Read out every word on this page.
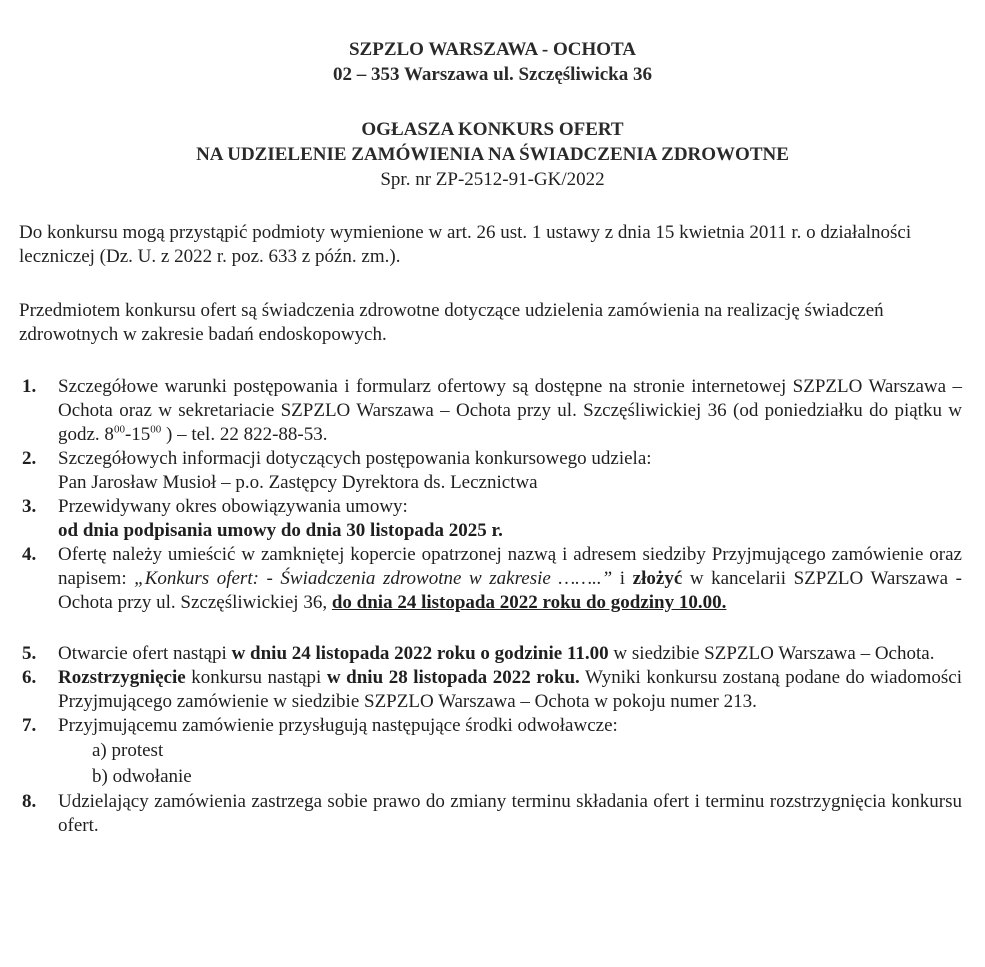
SZPZLO WARSZAWA - OCHOTA
02 – 353 Warszawa ul. Szczęśliwicka 36
OGŁASZA KONKURS OFERT
NA UDZIELENIE ZAMÓWIENIA NA ŚWIADCZENIA ZDROWOTNE
Spr. nr ZP-2512-91-GK/2022
Do konkursu mogą przystąpić podmioty wymienione w art. 26 ust. 1 ustawy z dnia 15 kwietnia 2011 r. o działalności leczniczej (Dz. U. z 2022 r. poz. 633 z późn. zm.).
Przedmiotem konkursu ofert są świadczenia zdrowotne dotyczące udzielenia zamówienia na realizację świadczeń zdrowotnych w zakresie badań endoskopowych.
1.	Szczegółowe warunki postępowania i formularz ofertowy są dostępne na stronie internetowej SZPZLO Warszawa – Ochota oraz w sekretariacie SZPZLO Warszawa – Ochota przy ul. Szczęśliwickiej 36 (od poniedziałku do piątku w godz. $8^{00}-15^{00}$ ) – tel. 22 822-88-53.
2.	Szczegółowych informacji dotyczących postępowania konkursowego udziela:
Pan Jarosław Musioł – p.o. Zastępcy Dyrektora ds. Lecznictwa
3.	Przewidywany okres obowiązywania umowy:
od dnia podpisania umowy do dnia 30 listopada 2025 r.
4.	Ofertę należy umieścić w zamkniętej kopercie opatrzonej nazwą i adresem siedziby Przyjmującego zamówienie oraz napisem: „Konkurs ofert: - Świadczenia zdrowotne w zakresie ……..” i złożyć w kancelarii SZPZLO Warszawa - Ochota przy ul. Szczęśliwickiej 36, do dnia 24 listopada 2022 roku do godziny 10.00.
5.	Otwarcie ofert nastąpi w dniu 24 listopada 2022 roku o godzinie 11.00 w siedzibie SZPZLO Warszawa – Ochota.
6.	Rozstrzygnięcie konkursu nastąpi w dniu 28 listopada 2022 roku. Wyniki konkursu zostaną podane do wiadomości Przyjmującego zamówienie w siedzibie SZPZLO Warszawa – Ochota w pokoju numer 213.
7.	Przyjmującemu zamówienie przysługują następujące środki odwoławcze:
a) protest
b) odwołanie
8.	Udzielający zamówienia zastrzega sobie prawo do zmiany terminu składania ofert i terminu rozstrzygnięcia konkursu ofert.
